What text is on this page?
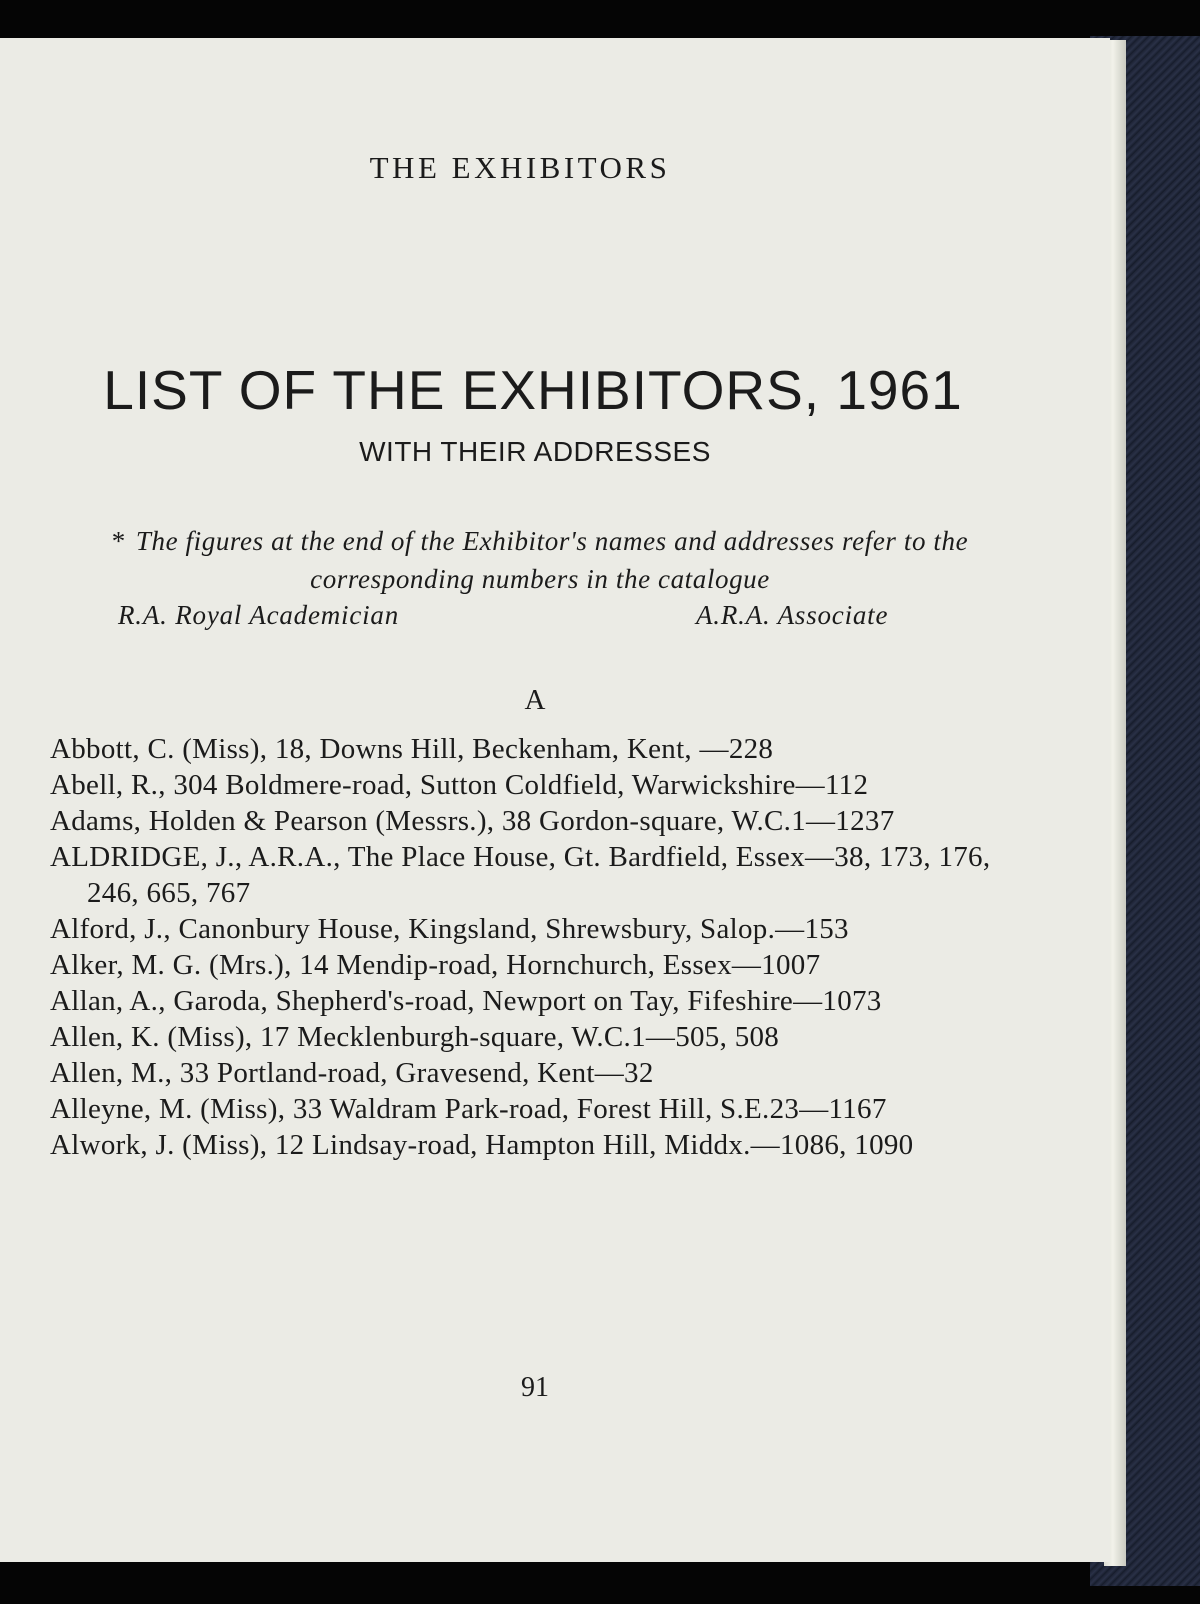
THE EXHIBITORS
LIST OF THE EXHIBITORS, 1961
WITH THEIR ADDRESSES
* The figures at the end of the Exhibitor's names and addresses refer to the corresponding numbers in the catalogue
R.A. Royal Academician	A.R.A. Associate
A
Abbott, C. (Miss), 18, Downs Hill, Beckenham, Kent, —228
Abell, R., 304 Boldmere-road, Sutton Coldfield, Warwickshire—112
Adams, Holden & Pearson (Messrs.), 38 Gordon-square, W.C.1—1237
ALDRIDGE, J., A.R.A., The Place House, Gt. Bardfield, Essex—38, 173, 176, 246, 665, 767
Alford, J., Canonbury House, Kingsland, Shrewsbury, Salop.—153
Alker, M. G. (Mrs.), 14 Mendip-road, Hornchurch, Essex—1007
Allan, A., Garoda, Shepherd's-road, Newport on Tay, Fifeshire—1073
Allen, K. (Miss), 17 Mecklenburgh-square, W.C.1—505, 508
Allen, M., 33 Portland-road, Gravesend, Kent—32
Alleyne, M. (Miss), 33 Waldram Park-road, Forest Hill, S.E.23—1167
Alwork, J. (Miss), 12 Lindsay-road, Hampton Hill, Middx.—1086, 1090
91
